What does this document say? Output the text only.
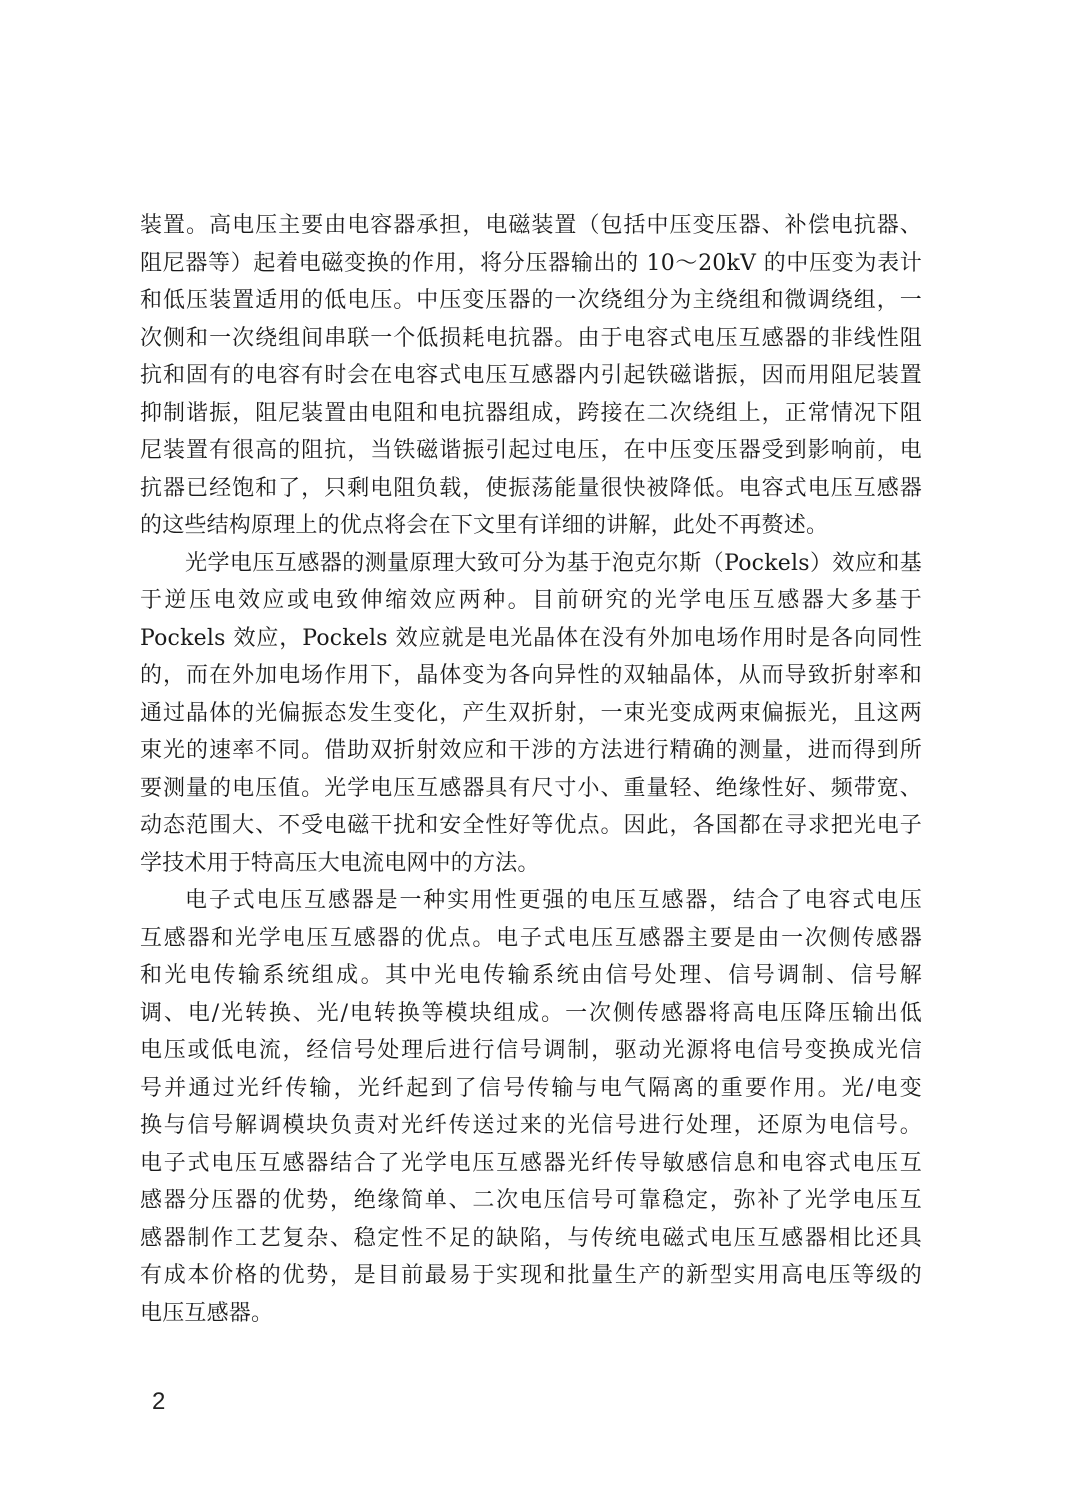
装置。高电压主要由电容器承担，电磁装置（包括中压变压器、补偿电抗器、
阻尼器等）起着电磁变换的作用，将分压器输出的 10～20kV 的中压变为表计
和低压装置适用的低电压。中压变压器的一次绕组分为主绕组和微调绕组，一
次侧和一次绕组间串联一个低损耗电抗器。由于电容式电压互感器的非线性阻
抗和固有的电容有时会在电容式电压互感器内引起铁磁谐振，因而用阻尼装置
抑制谐振，阻尼装置由电阻和电抗器组成，跨接在二次绕组上，正常情况下阻
尼装置有很高的阻抗，当铁磁谐振引起过电压，在中压变压器受到影响前，电
抗器已经饱和了，只剩电阻负载，使振荡能量很快被降低。电容式电压互感器
的这些结构原理上的优点将会在下文里有详细的讲解，此处不再赘述。
光学电压互感器的测量原理大致可分为基于泡克尔斯（Pockels）效应和基
于逆压电效应或电致伸缩效应两种。目前研究的光学电压互感器大多基于
Pockels 效应，Pockels 效应就是电光晶体在没有外加电场作用时是各向同性
的，而在外加电场作用下，晶体变为各向异性的双轴晶体，从而导致折射率和
通过晶体的光偏振态发生变化，产生双折射，一束光变成两束偏振光，且这两
束光的速率不同。借助双折射效应和干涉的方法进行精确的测量，进而得到所
要测量的电压值。光学电压互感器具有尺寸小、重量轻、绝缘性好、频带宽、
动态范围大、不受电磁干扰和安全性好等优点。因此，各国都在寻求把光电子
学技术用于特高压大电流电网中的方法。
电子式电压互感器是一种实用性更强的电压互感器，结合了电容式电压
互感器和光学电压互感器的优点。电子式电压互感器主要是由一次侧传感器
和光电传输系统组成。其中光电传输系统由信号处理、信号调制、信号解
调、电/光转换、光/电转换等模块组成。一次侧传感器将高电压降压输出低
电压或低电流，经信号处理后进行信号调制，驱动光源将电信号变换成光信
号并通过光纤传输，光纤起到了信号传输与电气隔离的重要作用。光/电变
换与信号解调模块负责对光纤传送过来的光信号进行处理，还原为电信号。
电子式电压互感器结合了光学电压互感器光纤传导敏感信息和电容式电压互
感器分压器的优势，绝缘简单、二次电压信号可靠稳定，弥补了光学电压互
感器制作工艺复杂、稳定性不足的缺陷，与传统电磁式电压互感器相比还具
有成本价格的优势，是目前最易于实现和批量生产的新型实用高电压等级的
电压互感器。
2
